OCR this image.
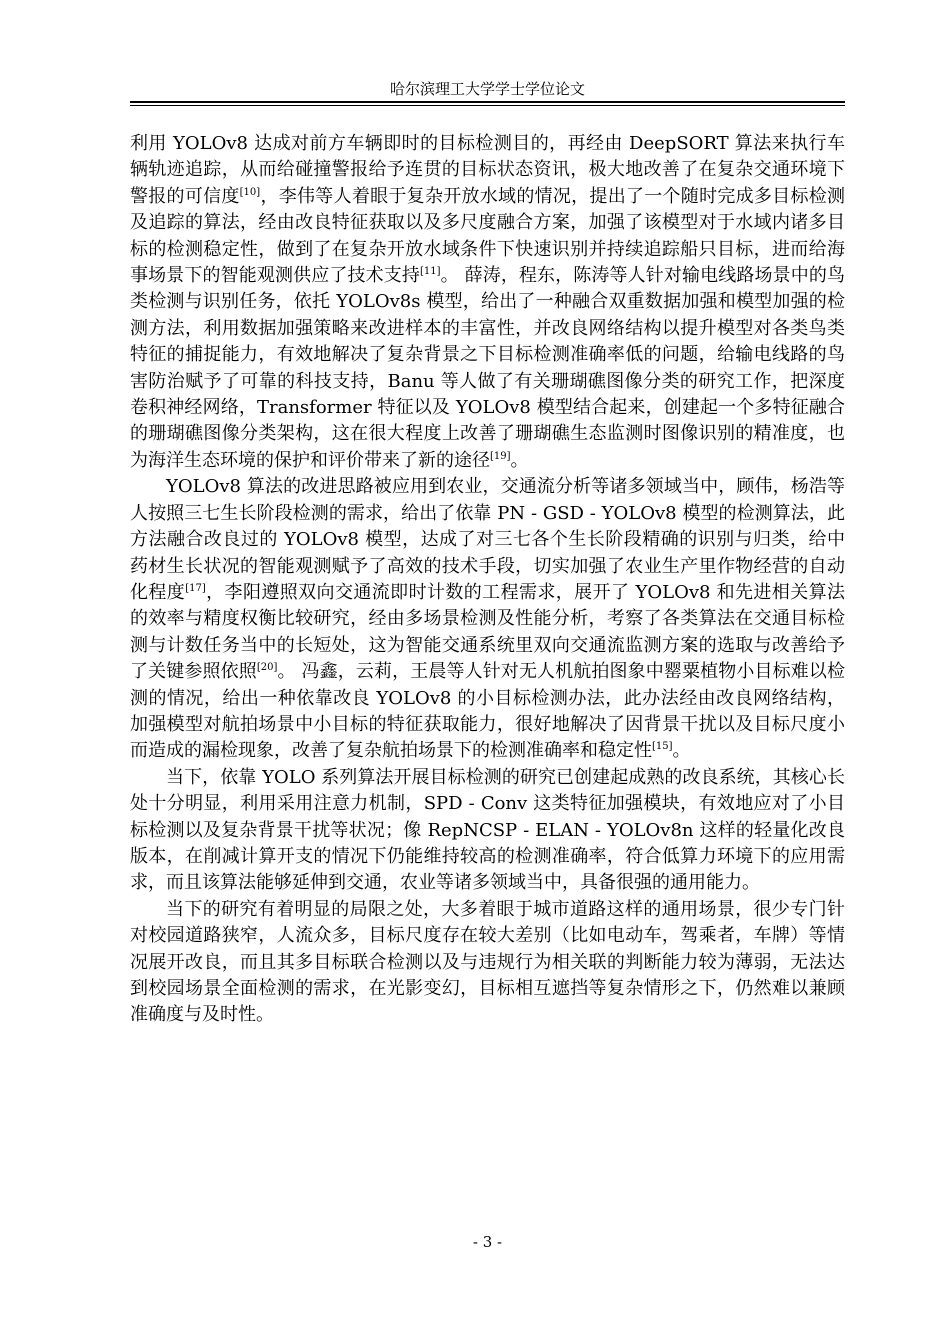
哈尔滨理工大学学士学位论文

利用 YOLOv8 达成对前方车辆即时的目标检测目的，再经由 DeepSORT 算法来执行车辆轨迹追踪，从而给碰撞警报给予连贯的目标状态资讯，极大地改善了在复杂交通环境下警报的可信度[10]，李伟等人着眼于复杂开放水域的情况，提出了一个随时完成多目标检测及追踪的算法，经由改良特征获取以及多尺度融合方案，加强了该模型对于水域内诸多目标的检测稳定性，做到了在复杂开放水域条件下快速识别并持续追踪船只目标，进而给海事场景下的智能观测供应了技术支持[11]。 薛涛，程东，陈涛等人针对输电线路场景中的鸟类检测与识别任务，依托 YOLOv8s 模型，给出了一种融合双重数据加强和模型加强的检测方法，利用数据加强策略来改进样本的丰富性，并改良网络结构以提升模型对各类鸟类特征的捕捉能力，有效地解决了复杂背景之下目标检测准确率低的问题，给输电线路的鸟害防治赋予了可靠的科技支持，Banu 等人做了有关珊瑚礁图像分类的研究工作，把深度卷积神经网络，Transformer 特征以及 YOLOv8 模型结合起来，创建起一个多特征融合的珊瑚礁图像分类架构，这在很大程度上改善了珊瑚礁生态监测时图像识别的精准度，也为海洋生态环境的保护和评价带来了新的途径[19]。

YOLOv8 算法的改进思路被应用到农业，交通流分析等诸多领域当中，顾伟，杨浩等人按照三七生长阶段检测的需求，给出了依靠 PN - GSD - YOLOv8 模型的检测算法，此方法融合改良过的 YOLOv8 模型，达成了对三七各个生长阶段精确的识别与归类，给中药材生长状况的智能观测赋予了高效的技术手段，切实加强了农业生产里作物经营的自动化程度[17]，李阳遵照双向交通流即时计数的工程需求，展开了 YOLOv8 和先进相关算法的效率与精度权衡比较研究，经由多场景检测及性能分析，考察了各类算法在交通目标检测与计数任务当中的长短处，这为智能交通系统里双向交通流监测方案的选取与改善给予了关键参照依照[20]。 冯鑫，云莉，王晨等人针对无人机航拍图象中罂粟植物小目标难以检测的情况，给出一种依靠改良 YOLOv8 的小目标检测办法，此办法经由改良网络结构，加强模型对航拍场景中小目标的特征获取能力，很好地解决了因背景干扰以及目标尺度小而造成的漏检现象，改善了复杂航拍场景下的检测准确率和稳定性[15]。

当下，依靠 YOLO 系列算法开展目标检测的研究已创建起成熟的改良系统，其核心长处十分明显，利用采用注意力机制，SPD - Conv 这类特征加强模块，有效地应对了小目标检测以及复杂背景干扰等状况；像 RepNCSP - ELAN - YOLOv8n 这样的轻量化改良版本，在削减计算开支的情况下仍能维持较高的检测准确率，符合低算力环境下的应用需求，而且该算法能够延伸到交通，农业等诸多领域当中，具备很强的通用能力。

当下的研究有着明显的局限之处，大多着眼于城市道路这样的通用场景，很少专门针对校园道路狭窄，人流众多，目标尺度存在较大差别（比如电动车，驾乘者，车牌）等情况展开改良，而且其多目标联合检测以及与违规行为相关联的判断能力较为薄弱，无法达到校园场景全面检测的需求，在光影变幻，目标相互遮挡等复杂情形之下，仍然难以兼顾准确度与及时性。

- 3 -
